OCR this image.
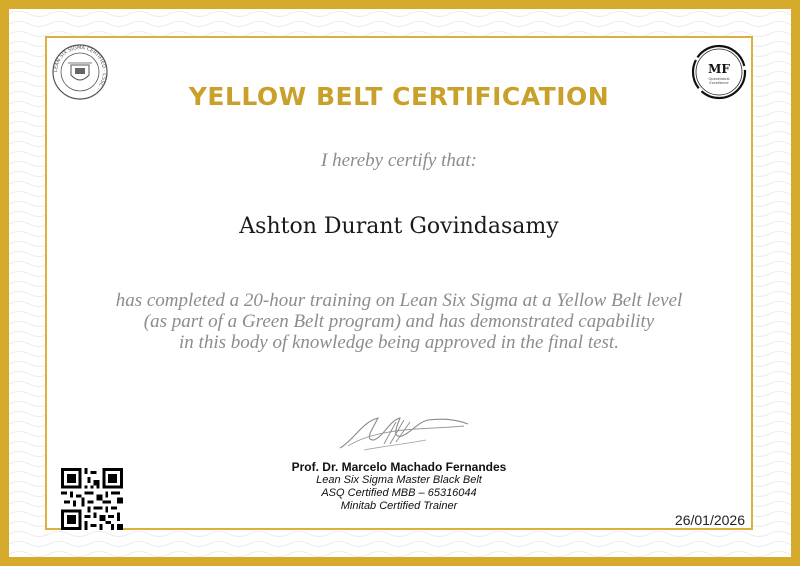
LEAN SIX SIGMA CERTIFIED · CSSC ·
MF
Operational
Excellence
YELLOW BELT CERTIFICATION
I hereby certify that:
Ashton Durant Govindasamy
has completed a 20-hour training on Lean Six Sigma at a Yellow Belt level
(as part of a Green Belt program) and has demonstrated capability
in this body of knowledge being approved in the final test.
Prof. Dr. Marcelo Machado Fernandes
Lean Six Sigma Master Black Belt
ASQ Certified MBB – 65316044
Minitab Certified Trainer
26/01/2026
